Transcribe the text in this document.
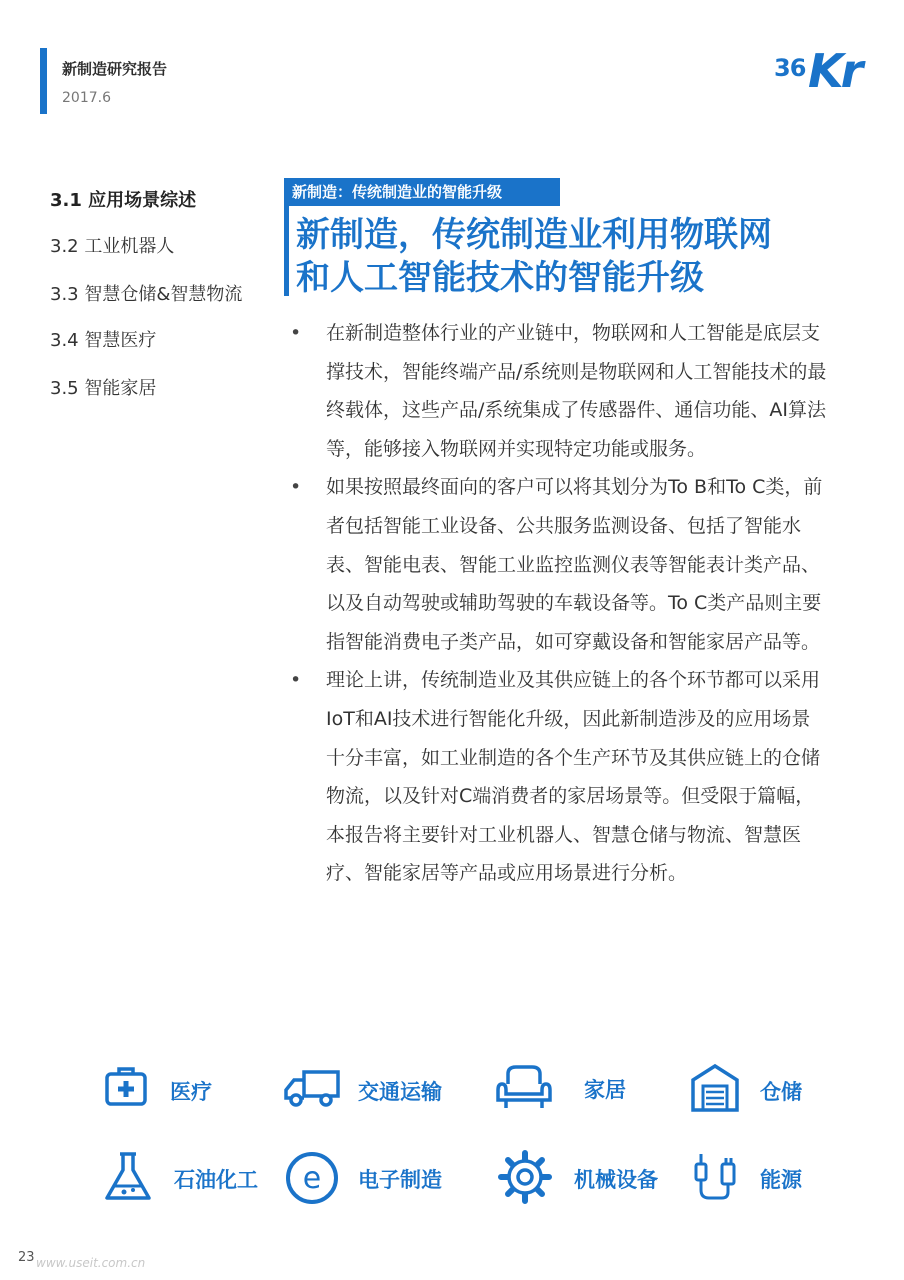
新制造研究报告
2017.6
36 Kr
3.1 应用场景综述
3.2 工业机器人
3.3 智慧仓储&智慧物流
3.4 智慧医疗
3.5 智能家居
新制造：传统制造业的智能升级
新制造，传统制造业利用物联网
和人工智能技术的智能升级
• 在新制造整体行业的产业链中，物联网和人工智能是底层支撑技术，智能终端产品/系统则是物联网和人工智能技术的最终载体，这些产品/系统集成了传感器件、通信功能、AI算法等，能够接入物联网并实现特定功能或服务。
• 如果按照最终面向的客户可以将其划分为To B和To C类，前者包括智能工业设备、公共服务监测设备、包括了智能水表、智能电表、智能工业监控监测仪表等智能表计类产品、以及自动驾驶或辅助驾驶的车载设备等。To C类产品则主要指智能消费电子类产品，如可穿戴设备和智能家居产品等。
• 理论上讲，传统制造业及其供应链上的各个环节都可以采用IoT和AI技术进行智能化升级，因此新制造涉及的应用场景十分丰富，如工业制造的各个生产环节及其供应链上的仓储物流，以及针对C端消费者的家居场景等。但受限于篇幅，本报告将主要针对工业机器人、智慧仓储与物流、智慧医疗、智能家居等产品或应用场景进行分析。
医疗	交通运输	家居	仓储
石油化工 e 电子制造	机械设备	能源
23 www.useit.com.cn
